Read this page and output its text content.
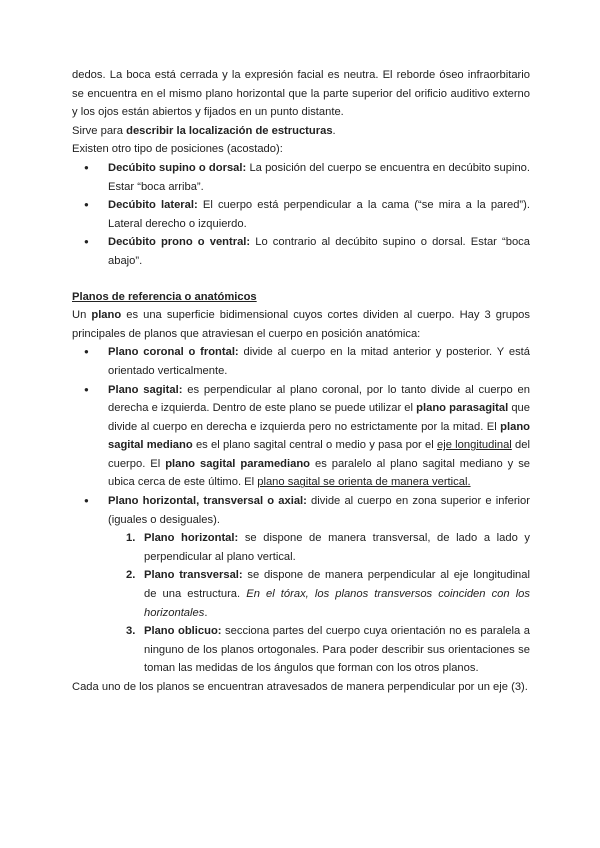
dedos. La boca está cerrada y la expresión facial es neutra. El reborde óseo infraorbitario se encuentra en el mismo plano horizontal que la parte superior del orificio auditivo externo y los ojos están abiertos y fijados en un punto distante.

Sirve para describir la localización de estructuras.

Existen otro tipo de posiciones (acostado):

● Decúbito supino o dorsal: La posición del cuerpo se encuentra en decúbito supino. Estar “boca arriba”.
● Decúbito lateral: El cuerpo está perpendicular a la cama (“se mira a la pared”). Lateral derecho o izquierdo.
● Decúbito prono o ventral: Lo contrario al decúbito supino o dorsal. Estar “boca abajo”.

Planos de referencia o anatómicos

Un plano es una superficie bidimensional cuyos cortes dividen al cuerpo. Hay 3 grupos principales de planos que atraviesan el cuerpo en posición anatómica:

● Plano coronal o frontal: divide al cuerpo en la mitad anterior y posterior. Y está orientado verticalmente.
● Plano sagital: es perpendicular al plano coronal, por lo tanto divide al cuerpo en derecha e izquierda. Dentro de este plano se puede utilizar el plano parasagital que divide al cuerpo en derecha e izquierda pero no estrictamente por la mitad. El plano sagital mediano es el plano sagital central o medio y pasa por el eje longitudinal del cuerpo. El plano sagital paramediano es paralelo al plano sagital mediano y se ubica cerca de este último. El plano sagital se orienta de manera vertical.
● Plano horizontal, transversal o axial: divide al cuerpo en zona superior e inferior (iguales o desiguales).
1. Plano horizontal: se dispone de manera transversal, de lado a lado y perpendicular al plano vertical.
2. Plano transversal: se dispone de manera perpendicular al eje longitudinal de una estructura. En el tórax, los planos transversos coinciden con los horizontales.
3. Plano oblicuo: secciona partes del cuerpo cuya orientación no es paralela a ninguno de los planos ortogonales. Para poder describir sus orientaciones se toman las medidas de los ángulos que forman con los otros planos.

Cada uno de los planos se encuentran atravesados de manera perpendicular por un eje (3).
